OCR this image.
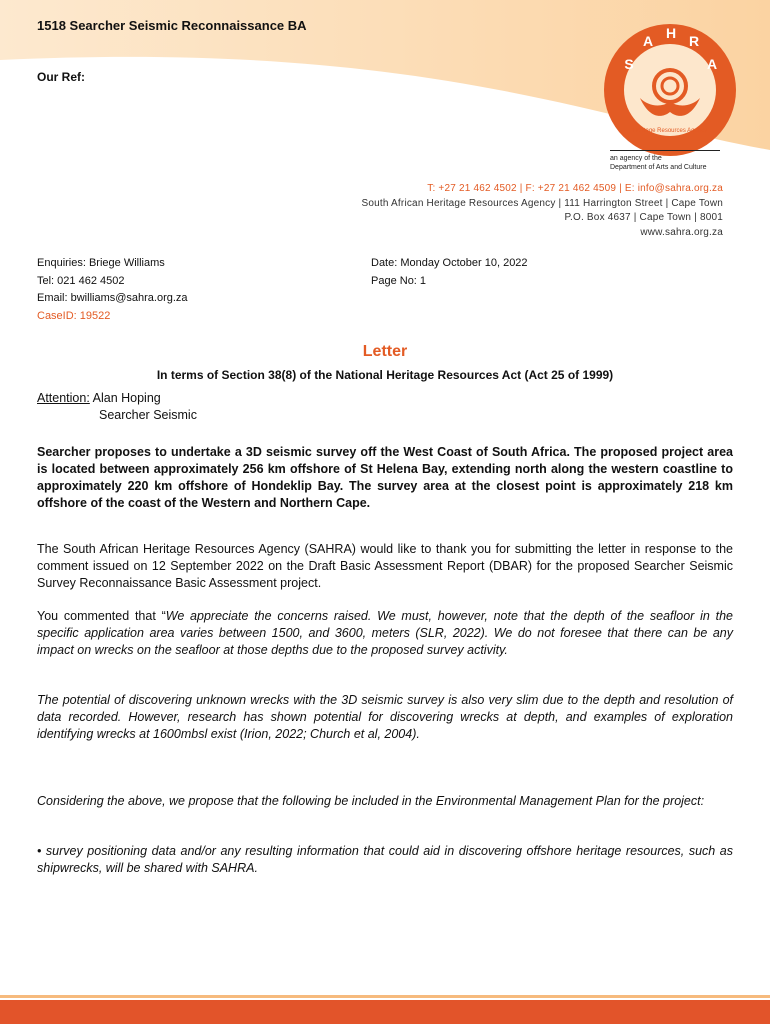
1518 Searcher Seismic Reconnaissance BA
Our Ref:
S
A H R
A
Heritage Resources Agency
an agency of the
Department of Arts and Culture
T: +27 21 462 4502 | F: +27 21 462 4509 | E: info@sahra.org.za
South African Heritage Resources Agency | 111 Harrington Street | Cape Town
P.O. Box 4637 | Cape Town | 8001
www.sahra.org.za
Enquiries: Briege Williams
Tel: 021 462 4502
Email: bwilliams@sahra.org.za
CaseID: 19522
Date: Monday October 10, 2022
Page No: 1
Letter
In terms of Section 38(8) of the National Heritage Resources Act (Act 25 of 1999)
Attention: Alan Hoping
Searcher Seismic
Searcher proposes to undertake a 3D seismic survey off the West Coast of South Africa. The proposed project area is located between approximately 256 km offshore of St Helena Bay, extending north along the western coastline to approximately 220 km offshore of Hondeklip Bay. The survey area at the closest point is approximately 218 km offshore of the coast of the Western and Northern Cape.
The South African Heritage Resources Agency (SAHRA) would like to thank you for submitting the letter in response to the comment issued on 12 September 2022 on the Draft Basic Assessment Report (DBAR) for the proposed Searcher Seismic Survey Reconnaissance Basic Assessment project.
You commented that “We appreciate the concerns raised. We must, however, note that the depth of the seafloor in the specific application area varies between 1500, and 3600, meters (SLR, 2022). We do not foresee that there can be any impact on wrecks on the seafloor at those depths due to the proposed survey activity.
The potential of discovering unknown wrecks with the 3D seismic survey is also very slim due to the depth and resolution of data recorded. However, research has shown potential for discovering wrecks at depth, and examples of exploration identifying wrecks at 1600mbsl exist (Irion, 2022; Church et al, 2004).
Considering the above, we propose that the following be included in the Environmental Management Plan for the project:
• survey positioning data and/or any resulting information that could aid in discovering offshore heritage resources, such as shipwrecks, will be shared with SAHRA.
